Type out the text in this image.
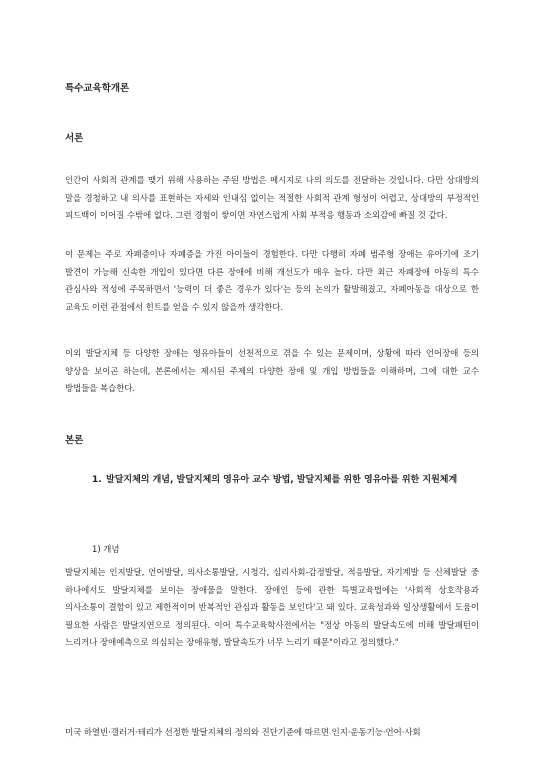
특수교육학개론

서론

인간이 사회적 관계를 맺기 위해 사용하는 주된 방법은 메시지로 나의 의도를 전달하는 것입니다. 다만 상대방의 말을 경청하고 내 의사를 표현하는 자세와 인내심 없이는 적절한 사회적 관계 형성이 어렵고, 상대방의 부정적인 피드백이 이어질 수밖에 없다. 그런 경험이 쌓이면 자연스럽게 사회 부적응 행동과 소외감에 빠질 것 같다.

이 문제는 주로 자폐증이나 자폐증을 가진 아이들이 경험한다. 다만 다행히 자폐 범주형 장애는 유아기에 조기 발견이 가능해 신속한 개입이 있다면 다른 장애에 비해 개선도가 매우 높다. 다만 최근 자폐장애 아동의 특수 관심사와 적성에 주목하면서 '능력이 더 좋은 경우가 있다'는 등의 논의가 활발해졌고, 자폐아동을 대상으로 한 교육도 이런 관점에서 힌트를 얻을 수 있지 않을까 생각한다.

이외 발달지체 등 다양한 장애는 영유아들이 선천적으로 겪을 수 있는 문제이며, 상황에 따라 언어장애 등의 양상을 보이곤 하는데, 본론에서는 제시된 주제의 다양한 장애 및 개입 방법들을 이해하며, 그에 대한 교수 방법들을 복습한다.

본론

1. 발달지체의 개념, 발달지체의 영유아 교수 방법, 발달지체를 위한 영유아를 위한 지원체계

1) 개념

발달지체는 인지발달, 언어발달, 의사소통발달, 시청각, 심리사회-감정발달, 적응발달, 자기계발 등 신체발달 중 하나에서도 발달지체를 보이는 장애물을 말한다. 장애인 등에 관한 특별교육법에는 '사회적 상호작용과 의사소통이 결함이 있고 제한적이며 반복적인 관심과 활동을 보인다'고 돼 있다. 교육성과와 일상생활에서 도움이 필요한 사람은 발달지연으로 정의된다. 이어 특수교육학사전에서는 "정상 아동의 발달속도에 비해 발달패턴이 느리거나 장애예측으로 의심되는 장애유형, 발달속도가 너무 느리기 때문"이라고 정의했다."

미국 하열빈·갤러거·테리가 선정한 발달지체의 정의와 진단기준에 따르면 인지·운동기능·언어·사회
